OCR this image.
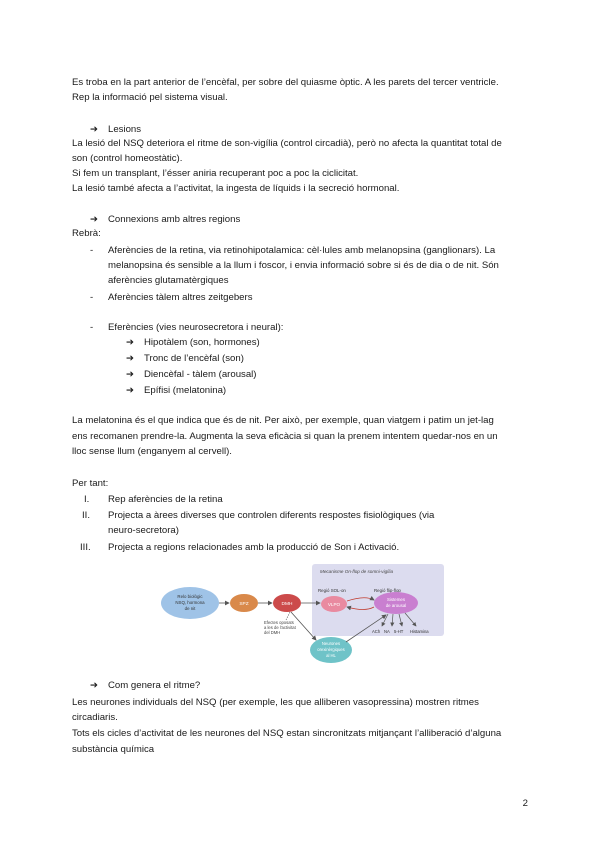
Es troba en la part anterior de l’encèfal, per sobre del quiasme òptic. A les parets del tercer ventricle.
Rep la informació pel sistema visual.
➔ Lesions
La lesió del NSQ deteriora el ritme de son-vigília (control circadià), però no afecta la quantitat total de
son (control homeostàtic).
Si fem un transplant, l’ésser aniria recuperant poc a poc la ciclicitat.
La lesió també afecta a l’activitat, la ingesta de líquids i la secreció hormonal.
➔ Connexions amb altres regions
Rebrà:
- Aferències de la retina, via retinohipotalamica: cèl·lules amb melanopsina (ganglionars). La
melanopsina és sensible a la llum i foscor, i envia informació sobre si és de dia o de nit. Són
aferències glutamatèrgiques
- Aferències tàlem altres zeitgebers
- Eferències (vies neurosecretora i neural):
➔ Hipotàlem (son, hormones)
➔ Tronc de l’encèfal (son)
➔ Diencèfal - tàlem (arousal)
➔ Epífisi (melatonina)
La melatonina és el que indica que és de nit. Per això, per exemple, quan viatgem i patim un jet-lag
ens recomanen prendre-la. Augmenta la seva eficàcia si quan la prenem intentem quedar-nos en un
lloc sense llum (enganyem al cervell).
Per tant:
I. Rep aferències de la retina
II. Projecta a àrees diverses que controlen diferents respostes fisiològiques (via
neuro-secretora)
III. Projecta a regions relacionades amb la producció de Son i Activació.
Mecanisme On-flop de somni-vigília
Regió SOL-on	Regió flip-flop
Relo biològic
NSQ, hormona
de nit
SPZ	DMH	VLPO
Sistemes
de arousal
ACh NA 5-HT Histamina
Efectes oposats
a les de l'activitat
del DMH
Neurones
orexinèrgiques
al HL
➔ Com genera el ritme?
Les neurones individuals del NSQ (per exemple, les que alliberen vasopressina) mostren ritmes
circadiaris.
Tots els cicles d’activitat de les neurones del NSQ estan sincronitzats mitjançant l’alliberació d’alguna
substància química
2
